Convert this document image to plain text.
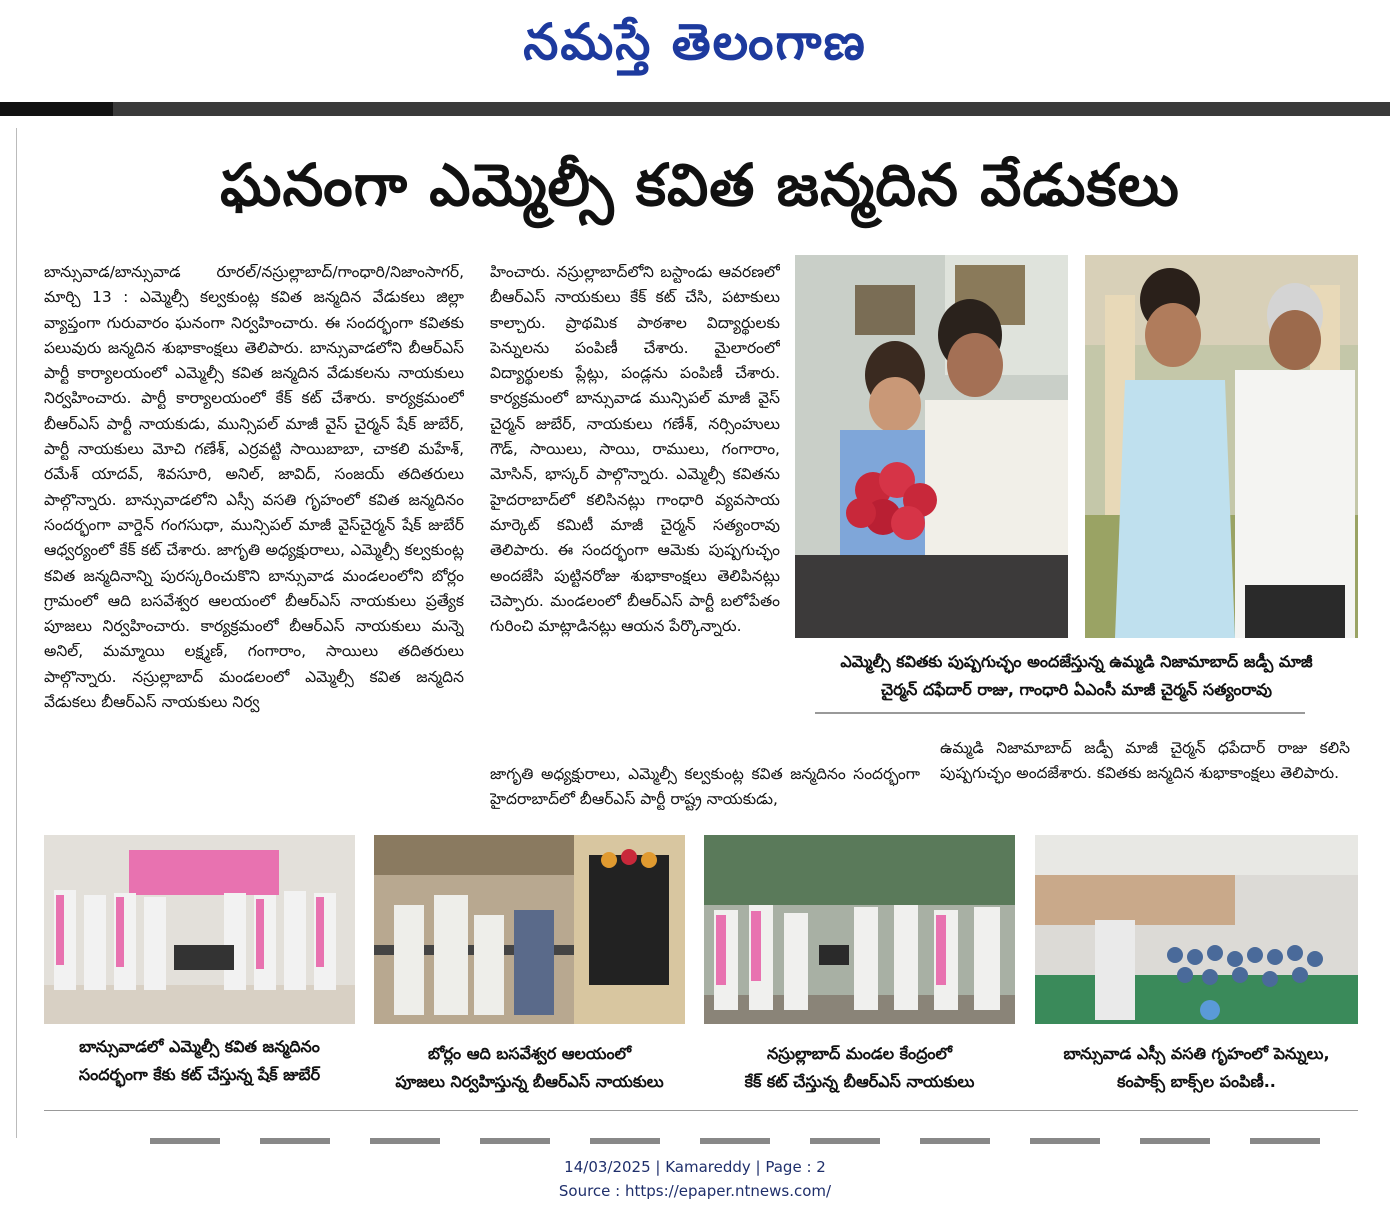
నమస్తే తెలంగాణ
ఘనంగా ఎమ్మెల్సీ కవిత జన్మదిన వేడుకలు
బాన్సువాడ/బాన్సువాడ రూరల్/నస్రుల్లాబాద్/గాంధారి/నిజాంసాగర్, మార్చి 13 : ఎమ్మెల్సీ కల్వకుంట్ల కవిత జన్మదిన వేడుకలు జిల్లా వ్యాప్తంగా గురువారం ఘనంగా నిర్వహించారు. ఈ సందర్భంగా కవితకు పలువురు జన్మదిన శుభాకాంక్షలు తెలిపారు. బాన్సువాడలోని బీఆర్ఎస్ పార్టీ కార్యాలయంలో ఎమ్మెల్సీ కవిత జన్మదిన వేడుకలను నాయకులు నిర్వహించారు. పార్టీ కార్యాలయంలో కేక్ కట్ చేశారు. కార్యక్రమంలో బీఆర్ఎస్ పార్టీ నాయకుడు, మున్సిపల్ మాజీ వైస్ చైర్మన్ షేక్ జుబేర్, పార్టీ నాయకులు మోచి గణేశ్, ఎర్రవట్టి సాయిబాబా, చాకలి మహేశ్, రమేశ్ యాదవ్, శివసూరి, అనిల్, జావిద్, సంజయ్ తదితరులు పాల్గొన్నారు. బాన్సువాడలోని ఎస్సీ వసతి గృహంలో కవిత జన్మదినం సందర్భంగా వార్డెన్ గంగసుధా, మున్సిపల్ మాజీ వైస్‌చైర్మన్ షేక్ జుబేర్ ఆధ్వర్యంలో కేక్ కట్ చేశారు. జాగృతి అధ్యక్షురాలు, ఎమ్మెల్సీ కల్వకుంట్ల కవిత జన్మదినాన్ని పురస్కరించుకొని బాన్సువాడ మండలంలోని బోర్లం గ్రామంలో ఆది బసవేశ్వర ఆలయంలో బీఆర్ఎస్ నాయకులు ప్రత్యేక పూజలు నిర్వహించారు. కార్యక్రమంలో బీఆర్ఎస్ నాయకులు మన్నె అనిల్, మమ్మాయి లక్ష్మణ్, గంగారాం, సాయిలు తదితరులు పాల్గొన్నారు. నస్రుల్లాబాద్ మండలంలో ఎమ్మెల్సీ కవిత జన్మదిన వేడుకలు బీఆర్ఎస్ నాయకులు నిర్వ
హించారు. నస్రుల్లాబాద్‌లోని బస్టాండు ఆవరణలో బీఆర్ఎస్ నాయకులు కేక్ కట్ చేసి, పటాకులు కాల్చారు. ప్రాథమిక పాఠశాల విద్యార్థులకు పెన్నులను పంపిణీ చేశారు. మైలారంలో విద్యార్థులకు ప్లేట్లు, పండ్లను పంపిణీ చేశారు. కార్యక్రమంలో బాన్సువాడ మున్సిపల్ మాజీ వైస్ చైర్మన్ జుబేర్, నాయకులు గణేశ్, నర్సింహులు గౌడ్, సాయిలు, సాయి, రాములు, గంగారాం, మోసిన్, భాస్కర్ పాల్గొన్నారు. ఎమ్మెల్సీ కవితను హైదరాబాద్‌లో కలిసినట్లు గాంధారి వ్యవసాయ మార్కెట్ కమిటీ మాజీ చైర్మన్ సత్యంరావు తెలిపారు. ఈ సందర్భంగా ఆమెకు పుష్పగుచ్ఛం అందజేసి పుట్టినరోజు శుభాకాంక్షలు తెలిపినట్లు చెప్పారు. మండలంలో బీఆర్ఎస్ పార్టీ బలోపేతం గురించి మాట్లాడినట్లు ఆయన పేర్కొన్నారు.
జాగృతి అధ్యక్షురాలు, ఎమ్మెల్సీ కల్వకుంట్ల కవిత జన్మదినం సందర్భంగా హైదరాబాద్‌లో బీఆర్ఎస్ పార్టీ రాష్ట్ర నాయకుడు,
ఎమ్మెల్సీ కవితకు పుష్పగుచ్ఛం అందజేస్తున్న ఉమ్మడి నిజామాబాద్ జడ్పీ మాజీ
చైర్మన్ దఫేదార్ రాజు, గాంధారి ఏఎంసీ మాజీ చైర్మన్ సత్యంరావు
ఉమ్మడి నిజామాబాద్ జడ్పీ మాజీ చైర్మన్ ధపేదార్ రాజు కలిసి పుష్పగుచ్ఛం అందజేశారు. కవితకు జన్మదిన శుభాకాంక్షలు తెలిపారు.
బాన్సువాడలో ఎమ్మెల్సీ కవిత జన్మదినం
సందర్భంగా కేకు కట్ చేస్తున్న షేక్ జుబేర్
బోర్లం ఆది బసవేశ్వర ఆలయంలో
పూజలు నిర్వహిస్తున్న బీఆర్ఎస్ నాయకులు
నస్రుల్లాబాద్ మండల కేంద్రంలో
కేక్ కట్ చేస్తున్న బీఆర్ఎస్ నాయకులు
బాన్సువాడ ఎస్సీ వసతి గృహంలో పెన్నులు,
కంపాక్స్ బాక్స్‌ల పంపిణీ..
14/03/2025 | Kamareddy | Page : 2
Source : https://epaper.ntnews.com/
